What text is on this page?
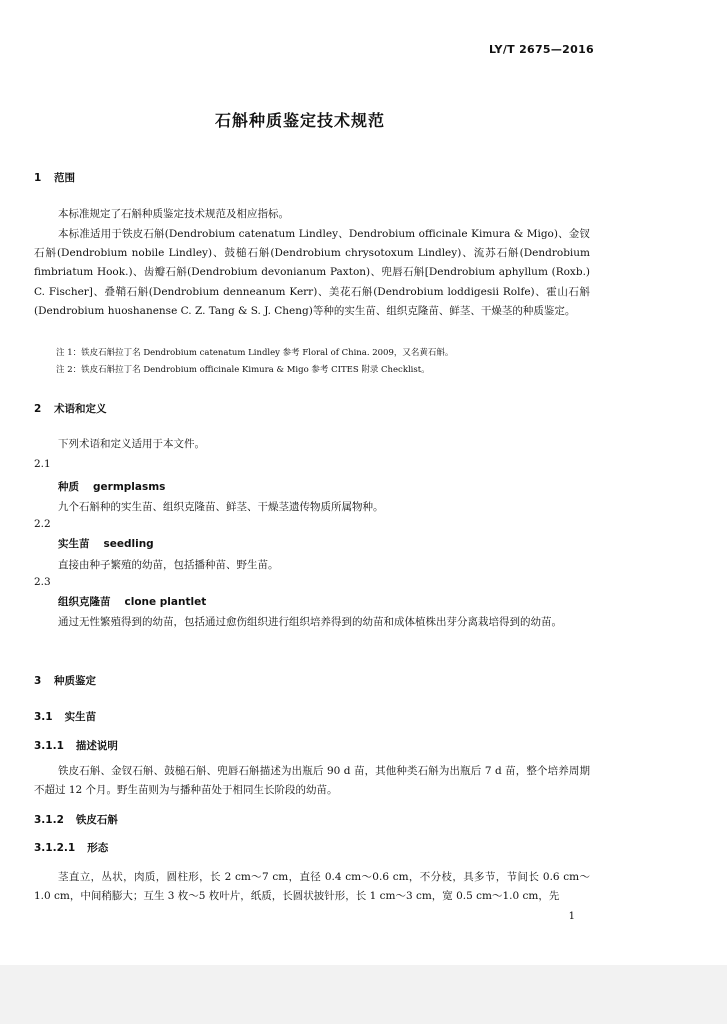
LY/T 2675—2016
石斛种质鉴定技术规范
1 范围
本标准规定了石斛种质鉴定技术规范及相应指标。
本标准适用于铁皮石斛(Dendrobium catenatum Lindley、Dendrobium officinale Kimura & Migo)、金钗石斛(Dendrobium nobile Lindley)、鼓槌石斛(Dendrobium chrysotoxum Lindley)、流苏石斛(Dendrobium fimbriatum Hook.)、齿瓣石斛(Dendrobium devonianum Paxton)、兜唇石斛[Dendrobium aphyllum (Roxb.) C. Fischer]、叠鞘石斛(Dendrobium denneanum Kerr)、美花石斛(Dendrobium loddigesii Rolfe)、霍山石斛(Dendrobium huoshanense C. Z. Tang & S. J. Cheng)等种的实生苗、组织克隆苗、鲜茎、干燥茎的种质鉴定。
注 1：铁皮石斛拉丁名 Dendrobium catenatum Lindley 参考 Floral of China. 2009，又名黄石斛。
注 2：铁皮石斛拉丁名 Dendrobium officinale Kimura & Migo 参考 CITES 附录 Checklist。
2 术语和定义
下列术语和定义适用于本文件。
2.1
种质 germplasms
九个石斛种的实生苗、组织克隆苗、鲜茎、干燥茎遗传物质所属物种。
2.2
实生苗 seedling
直接由种子繁殖的幼苗，包括播种苗、野生苗。
2.3
组织克隆苗 clone plantlet
通过无性繁殖得到的幼苗，包括通过愈伤组织进行组织培养得到的幼苗和成体植株出芽分离栽培得到的幼苗。
3 种质鉴定
3.1 实生苗
3.1.1 描述说明
铁皮石斛、金钗石斛、鼓槌石斛、兜唇石斛描述为出瓶后 90 d 苗，其他种类石斛为出瓶后 7 d 苗，整个培养周期不超过 12 个月。野生苗则为与播种苗处于相同生长阶段的幼苗。
3.1.2 铁皮石斛
3.1.2.1 形态
茎直立，丛状，肉质，圆柱形，长 2 cm～7 cm，直径 0.4 cm～0.6 cm，不分枝，具多节，节间长 0.6 cm～1.0 cm，中间稍膨大；互生 3 枚～5 枚叶片，纸质，长圆状披针形，长 1 cm～3 cm，宽 0.5 cm～1.0 cm，先
1
